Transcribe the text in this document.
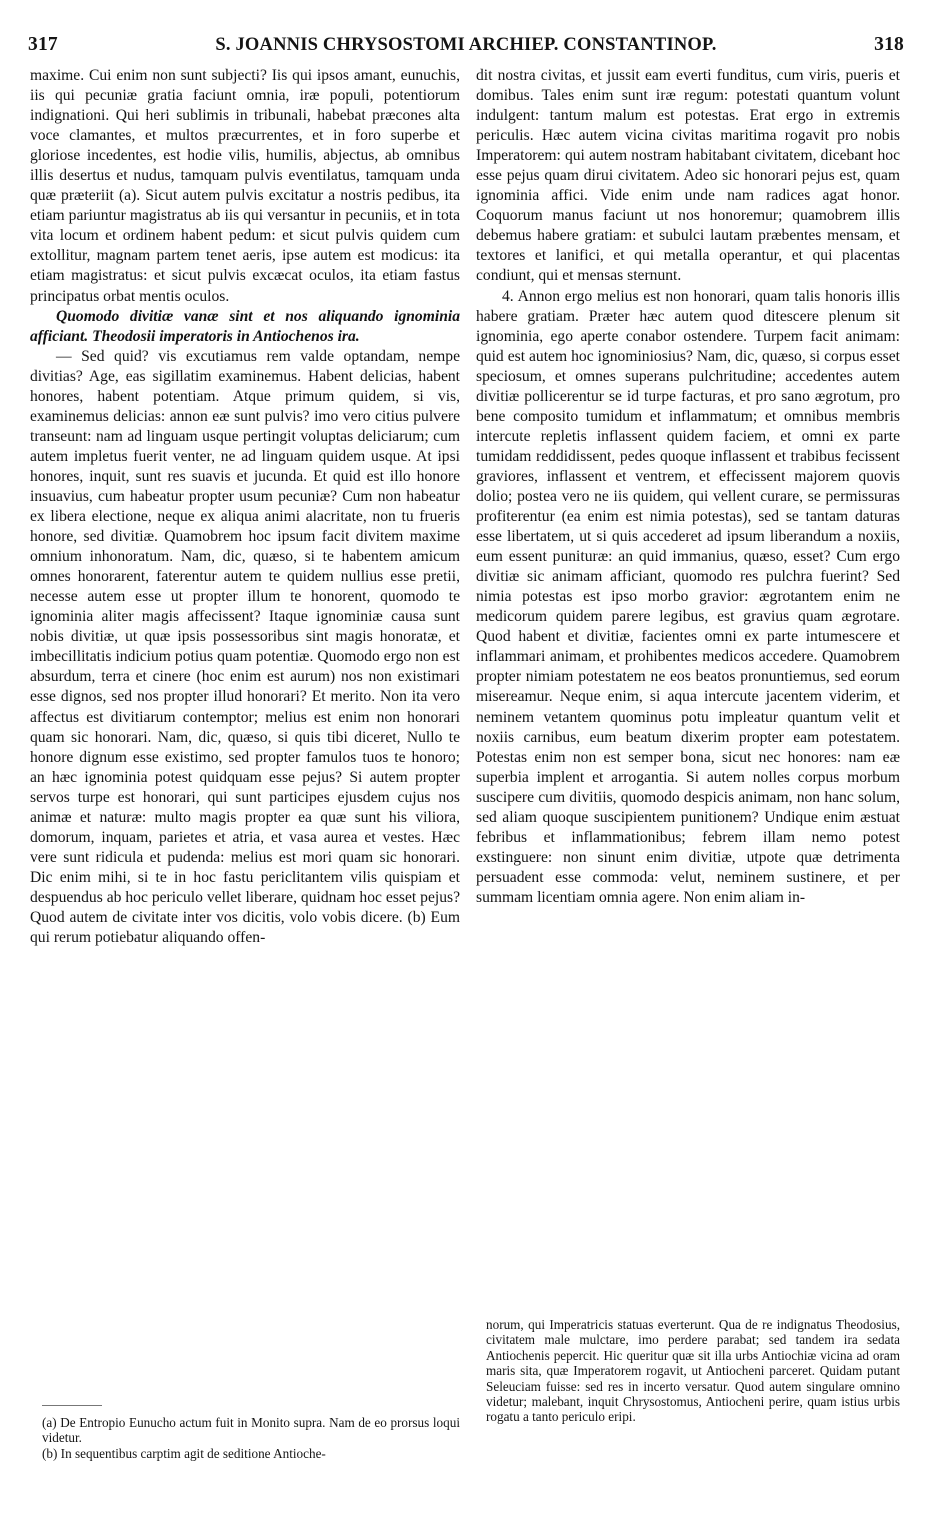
317	S. JOANNIS CHRYSOSTOMI ARCHIEP. CONSTANTINOP.	318

maxime. Cui enim non sunt subjecti? Iis qui ipsos amant, eunuchis, iis qui pecuniæ gratia faciunt omnia, iræ populi, potentiorum indignationi. Qui heri sublimis in tribunali, habebat præcones alta voce clamantes, et multos præcurrentes, et in foro superbe et gloriose incedentes, est hodie vilis, humilis, abjectus, ab omnibus illis desertus et nudus, tamquam pulvis eventilatus, tamquam unda quæ præteriit (a). Sicut autem pulvis excitatur a nostris pedibus, ita etiam pariuntur magistratus ab iis qui versantur in pecuniis, et in tota vita locum et ordinem habent pedum: et sicut pulvis quidem cum extollitur, magnam partem tenet aeris, ipse autem est modicus: ita etiam magistratus: et sicut pulvis excæcat oculos, ita etiam fastus principatus orbat mentis oculos.

Quomodo divitiæ vanæ sint et nos aliquando ignominia afficiant. Theodosii imperatoris in Antiochenos ira.

— Sed quid? vis excutiamus rem valde optandam, nempe divitias? Age, eas sigillatim examinemus. Habent delicias, habent honores, habent potentiam. Atque primum quidem, si vis, examinemus delicias: annon eæ sunt pulvis? imo vero citius pulvere transeunt: nam ad linguam usque pertingit voluptas deliciarum; cum autem impletus fuerit venter, ne ad linguam quidem usque. At ipsi honores, inquit, sunt res suavis et jucunda. Et quid est illo honore insuavius, cum habeatur propter usum pecuniæ? Cum non habeatur ex libera electione, neque ex aliqua animi alacritate, non tu frueris honore, sed divitiæ. Quamobrem hoc ipsum facit divitem maxime omnium inhonoratum. Nam, dic, quæso, si te habentem amicum omnes honorarent, faterentur autem te quidem nullius esse pretii, necesse autem esse ut propter illum te honorent, quomodo te ignominia aliter magis affecissent? Itaque ignominiæ causa sunt nobis divitiæ, ut quæ ipsis possessoribus sint magis honoratæ, et imbecillitatis indicium potius quam potentiæ. Quomodo ergo non est absurdum, terra et cinere (hoc enim est aurum) nos non existimari esse dignos, sed nos propter illud honorari? Et merito. Non ita vero affectus est divitiarum contemptor; melius est enim non honorari quam sic honorari. Nam, dic, quæso, si quis tibi diceret, Nullo te honore dignum esse existimo, sed propter famulos tuos te honoro; an hæc ignominia potest quidquam esse pejus? Si autem propter servos turpe est honorari, qui sunt participes ejusdem cujus nos animæ et naturæ: multo magis propter ea quæ sunt his viliora, domorum, inquam, parietes et atria, et vasa aurea et vestes. Hæc vere sunt ridicula et pudenda: melius est mori quam sic honorari. Dic enim mihi, si te in hoc fastu periclitantem vilis quispiam et despuendus ab hoc periculo vellet liberare, quidnam hoc esset pejus? Quod autem de civitate inter vos dicitis, volo vobis dicere. (b) Eum qui rerum potiebatur aliquando offen-

dit nostra civitas, et jussit eam everti funditus, cum viris, pueris et domibus. Tales enim sunt iræ regum: potestati quantum volunt indulgent: tantum malum est potestas. Erat ergo in extremis periculis. Hæc autem vicina civitas maritima rogavit pro nobis Imperatorem: qui autem nostram habitabant civitatem, dicebant hoc esse pejus quam dirui civitatem. Adeo sic honorari pejus est, quam ignominia affici. Vide enim unde nam radices agat honor. Coquorum manus faciunt ut nos honoremur; quamobrem illis debemus habere gratiam: et subulci lautam præbentes mensam, et textores et lanifici, et qui metalla operantur, et qui placentas condiunt, qui et mensas sternunt.

4. Annon ergo melius est non honorari, quam talis honoris illis habere gratiam. Præter hæc autem quod ditescere plenum sit ignominia, ego aperte conabor ostendere. Turpem facit animam: quid est autem hoc ignominiosius? Nam, dic, quæso, si corpus esset speciosum, et omnes superans pulchritudine; accedentes autem divitiæ pollicerentur se id turpe facturas, et pro sano ægrotum, pro bene composito tumidum et inflammatum; et omnibus membris intercute repletis inflassent quidem faciem, et omni ex parte tumidam reddidissent, pedes quoque inflassent et trabibus fecissent graviores, inflassent et ventrem, et effecissent majorem quovis dolio; postea vero ne iis quidem, qui vellent curare, se permissuras profiterentur (ea enim est nimia potestas), sed se tantam daturas esse libertatem, ut si quis accederet ad ipsum liberandum a noxiis, eum essent punituræ: an quid immanius, quæso, esset? Cum ergo divitiæ sic animam afficiant, quomodo res pulchra fuerint? Sed nimia potestas est ipso morbo gravior: ægrotantem enim ne medicorum quidem parere legibus, est gravius quam ægrotare. Quod habent et divitiæ, facientes omni ex parte intumescere et inflammari animam, et prohibentes medicos accedere. Quamobrem propter nimiam potestatem ne eos beatos pronuntiemus, sed eorum misereamur. Neque enim, si aqua intercute jacentem viderim, et neminem vetantem quominus potu impleatur quantum velit et noxiis carnibus, eum beatum dixerim propter eam potestatem. Potestas enim non est semper bona, sicut nec honores: nam eæ superbia implent et arrogantia. Si autem nolles corpus morbum suscipere cum divitiis, quomodo despicis animam, non hanc solum, sed aliam quoque suscipientem punitionem? Undique enim æstuat febribus et inflammationibus; febrem illam nemo potest exstinguere: non sinunt enim divitiæ, utpote quæ detrimenta persuadent esse commoda: velut, neminem sustinere, et per summam licentiam omnia agere. Non enim aliam in-

(a) De Entropio Eunucho actum fuit in Monito supra. Nam de eo prorsus loqui videtur.

(b) In sequentibus carptim agit de seditione Antioche-

norum, qui Imperatricis statuas everterunt. Qua de re indignatus Theodosius, civitatem male mulctare, imo perdere parabat; sed tandem ira sedata Antiochenis pepercit. Hic queritur quæ sit illa urbs Antiochiæ vicina ad oram maris sita, quæ Imperatorem rogavit, ut Antiocheni parceret. Quidam putant Seleuciam fuisse: sed res in incerto versatur. Quod autem singulare omnino videtur; malebant, inquit Chrysostomus, Antiocheni perire, quam istius urbis rogatu a tanto periculo eripi.
